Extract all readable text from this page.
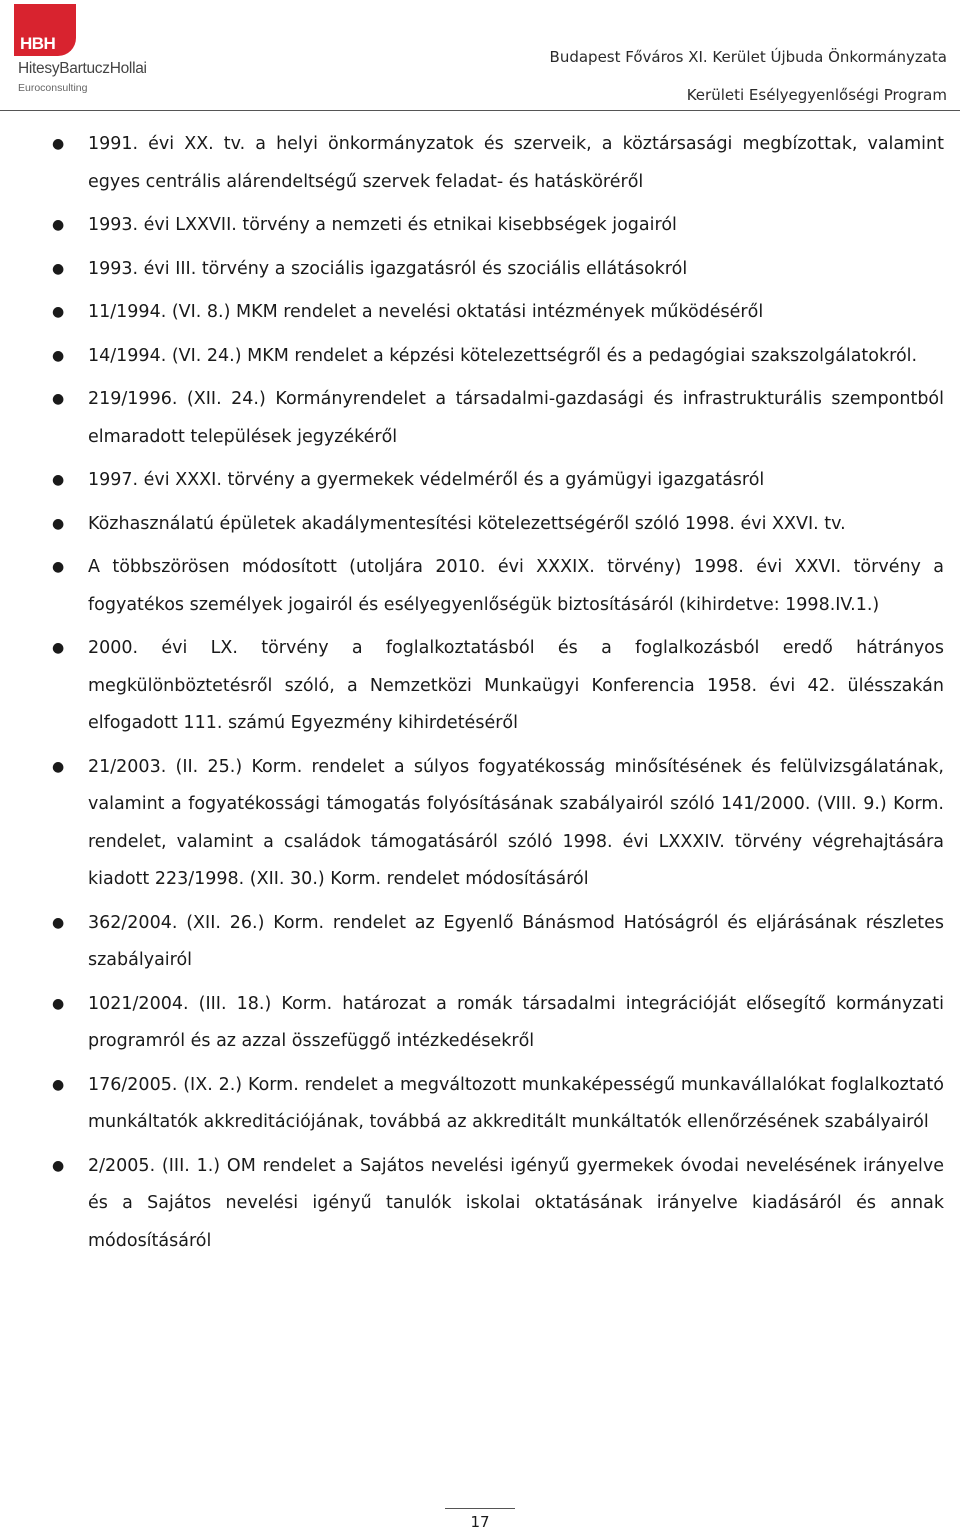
HBH
HitesyBartuczHollai
Euroconsulting
Budapest Főváros XI. Kerület Újbuda Önkormányzata
Kerületi Esélyegyenlőségi Program
● 1991. évi XX. tv. a helyi önkormányzatok és szerveik, a köztársasági megbízottak, valamint egyes centrális alárendeltségű szervek feladat- és hatásköréről
● 1993. évi LXXVII. törvény a nemzeti és etnikai kisebbségek jogairól
● 1993. évi III. törvény a szociális igazgatásról és szociális ellátásokról
● 11/1994. (VI. 8.) MKM rendelet a nevelési oktatási intézmények működéséről
● 14/1994. (VI. 24.) MKM rendelet a képzési kötelezettségről és a pedagógiai szakszolgálatokról.
● 219/1996. (XII. 24.) Kormányrendelet a társadalmi-gazdasági és infrastrukturális szempontból elmaradott települések jegyzékéről
● 1997. évi XXXI. törvény a gyermekek védelméről és a gyámügyi igazgatásról
● Közhasználatú épületek akadálymentesítési kötelezettségéről szóló 1998. évi XXVI. tv.
● A többszörösen módosított (utoljára 2010. évi XXXIX. törvény) 1998. évi XXVI. törvény a fogyatékos személyek jogairól és esélyegyenlőségük biztosításáról (kihirdetve: 1998.IV.1.)
● 2000. évi LX. törvény a foglalkoztatásból és a foglalkozásból eredő hátrányos megkülönböztetésről szóló, a Nemzetközi Munkaügyi Konferencia 1958. évi 42. ülésszakán elfogadott 111. számú Egyezmény kihirdetéséről
● 21/2003. (II. 25.) Korm. rendelet a súlyos fogyatékosság minősítésének és felülvizsgálatának, valamint a fogyatékossági támogatás folyósításának szabályairól szóló 141/2000. (VIII. 9.) Korm. rendelet, valamint a családok támogatásáról szóló 1998. évi LXXXIV. törvény végrehajtására kiadott 223/1998. (XII. 30.) Korm. rendelet módosításáról
● 362/2004. (XII. 26.) Korm. rendelet az Egyenlő Bánásmod Hatóságról és eljárásának részletes szabályairól
● 1021/2004. (III. 18.) Korm. határozat a romák társadalmi integrációját elősegítő kormányzati programról és az azzal összefüggő intézkedésekről
● 176/2005. (IX. 2.) Korm. rendelet a megváltozott munkaképességű munkavállalókat foglalkoztató munkáltatók akkreditációjának, továbbá az akkreditált munkáltatók ellenőrzésének szabályairól
● 2/2005. (III. 1.) OM rendelet a Sajátos nevelési igényű gyermekek óvodai nevelésének irányelve és a Sajátos nevelési igényű tanulók iskolai oktatásának irányelve kiadásáról és annak módosításáról
17
